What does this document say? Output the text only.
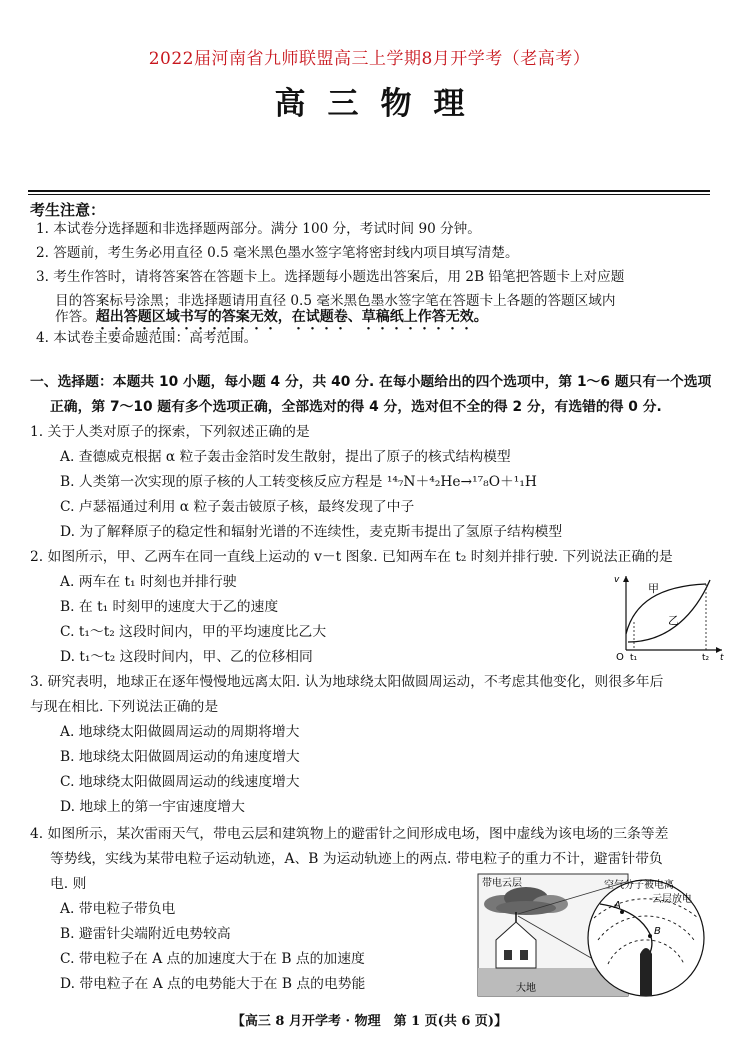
2022届河南省九师联盟高三上学期8月开学考（老高考）
高三物理
考生注意：
1. 本试卷分选择题和非选择题两部分。满分 100 分，考试时间 90 分钟。
2. 答题前，考生务必用直径 0.5 毫米黑色墨水签字笔将密封线内项目填写清楚。
3. 考生作答时，请将答案答在答题卡上。选择题每小题选出答案后，用 2B 铅笔把答题卡上对应题
目的答案标号涂黑；非选择题请用直径 0.5 毫米黑色墨水签字笔在答题卡上各题的答题区域内
作答。超出答题区域书写的答案无效，在试题卷、草稿纸上作答无效。
4. 本试卷主要命题范围：高考范围。
一、选择题：本题共 10 小题，每小题 4 分，共 40 分. 在每小题给出的四个选项中，第 1～6 题只有一个选项
正确，第 7～10 题有多个选项正确，全部选对的得 4 分，选对但不全的得 2 分，有选错的得 0 分.
1. 关于人类对原子的探索，下列叙述正确的是
A. 查德威克根据 α 粒子轰击金箔时发生散射，提出了原子的核式结构模型
B. 人类第一次实现的原子核的人工转变核反应方程是 ¹⁴₇N＋⁴₂He→¹⁷₈O＋¹₁H
C. 卢瑟福通过利用 α 粒子轰击铍原子核，最终发现了中子
D. 为了解释原子的稳定性和辐射光谱的不连续性，麦克斯韦提出了氢原子结构模型
2. 如图所示，甲、乙两车在同一直线上运动的 v－t 图象. 已知两车在 t₂ 时刻并排行驶. 下列说法正确的是
A. 两车在 t₁ 时刻也并排行驶
B. 在 t₁ 时刻甲的速度大于乙的速度
C. t₁～t₂ 这段时间内，甲的平均速度比乙大
D. t₁～t₂ 这段时间内，甲、乙的位移相同
甲
乙
O t₁	t₂ t
v
3. 研究表明，地球正在逐年慢慢地远离太阳. 认为地球绕太阳做圆周运动，不考虑其他变化，则很多年后
与现在相比. 下列说法正确的是
A. 地球绕太阳做圆周运动的周期将增大
B. 地球绕太阳做圆周运动的角速度增大
C. 地球绕太阳做圆周运动的线速度增大
D. 地球上的第一宇宙速度增大
4. 如图所示，某次雷雨天气，带电云层和建筑物上的避雷针之间形成电场，图中虚线为该电场的三条等差
等势线，实线为某带电粒子运动轨迹，A、B 为运动轨迹上的两点. 带电粒子的重力不计，避雷针带负
电. 则
A. 带电粒子带负电
B. 避雷针尖端附近电势较高
C. 带电粒子在 A 点的加速度大于在 B 点的加速度
D. 带电粒子在 A 点的电势能大于在 B 点的电势能
带电云层
大地
A
B
空气分子被电离
云层放电
【高三 8 月开学考 · 物理　第 1 页(共 6 页)】
